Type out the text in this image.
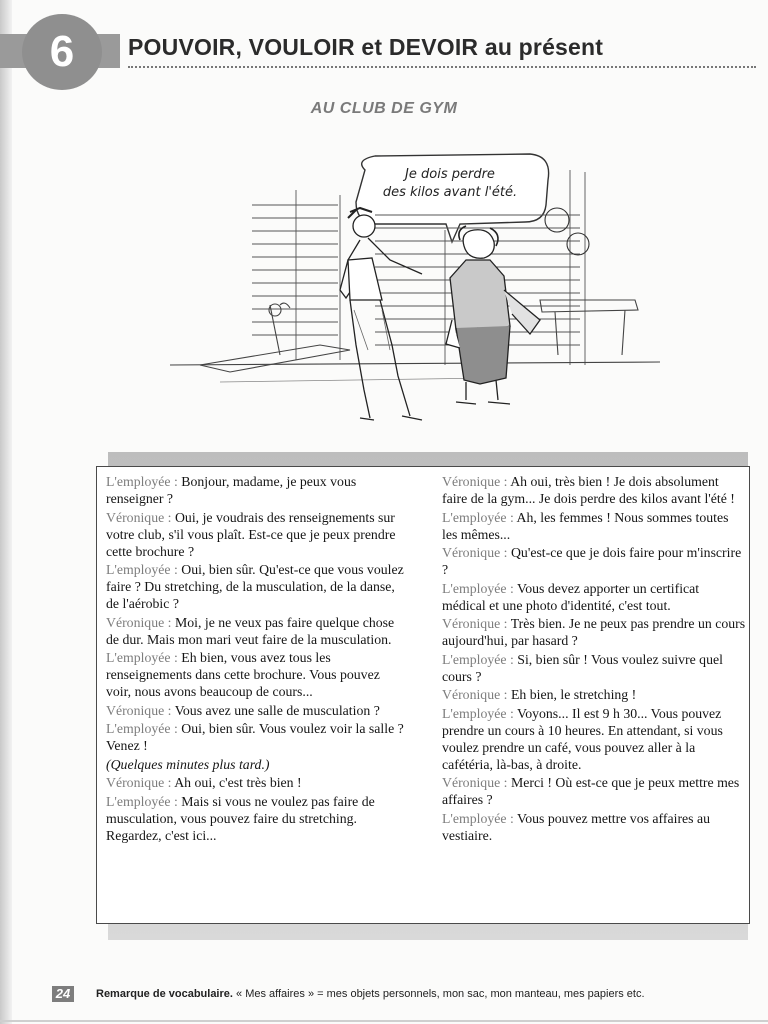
6	POUVOIR, VOULOIR et DEVOIR au présent
AU CLUB DE GYM
Je dois perdre
des kilos avant l'été.

L'employée : Bonjour, madame, je peux vous renseigner ?

Véronique : Oui, je voudrais des renseignements sur votre club, s'il vous plaît. Est-ce que je peux prendre cette brochure ?

L'employée : Oui, bien sûr. Qu'est-ce que vous voulez faire ? Du stretching, de la musculation, de la danse, de l'aérobic ?

Véronique : Moi, je ne veux pas faire quelque chose de dur. Mais mon mari veut faire de la musculation.

L'employée : Eh bien, vous avez tous les renseignements dans cette brochure. Vous pouvez voir, nous avons beaucoup de cours...

Véronique : Vous avez une salle de musculation ?

L'employée : Oui, bien sûr. Vous voulez voir la salle ? Venez !

(Quelques minutes plus tard.)

Véronique : Ah oui, c'est très bien !

L'employée : Mais si vous ne voulez pas faire de musculation, vous pouvez faire du stretching. Regardez, c'est ici...

Véronique : Ah oui, très bien ! Je dois absolument faire de la gym... Je dois perdre des kilos avant l'été !

L'employée : Ah, les femmes ! Nous sommes toutes les mêmes...

Véronique : Qu'est-ce que je dois faire pour m'inscrire ?

L'employée : Vous devez apporter un certificat médical et une photo d'identité, c'est tout.

Véronique : Très bien. Je ne peux pas prendre un cours aujourd'hui, par hasard ?

L'employée : Si, bien sûr ! Vous voulez suivre quel cours ?

Véronique : Eh bien, le stretching !

L'employée : Voyons... Il est 9 h 30... Vous pouvez prendre un cours à 10 heures. En attendant, si vous voulez prendre un café, vous pouvez aller à la cafétéria, là-bas, à droite.

Véronique : Merci ! Où est-ce que je peux mettre mes affaires ?

L'employée : Vous pouvez mettre vos affaires au vestiaire.

24	Remarque de vocabulaire. « Mes affaires » = mes objets personnels, mon sac, mon manteau, mes papiers etc.
